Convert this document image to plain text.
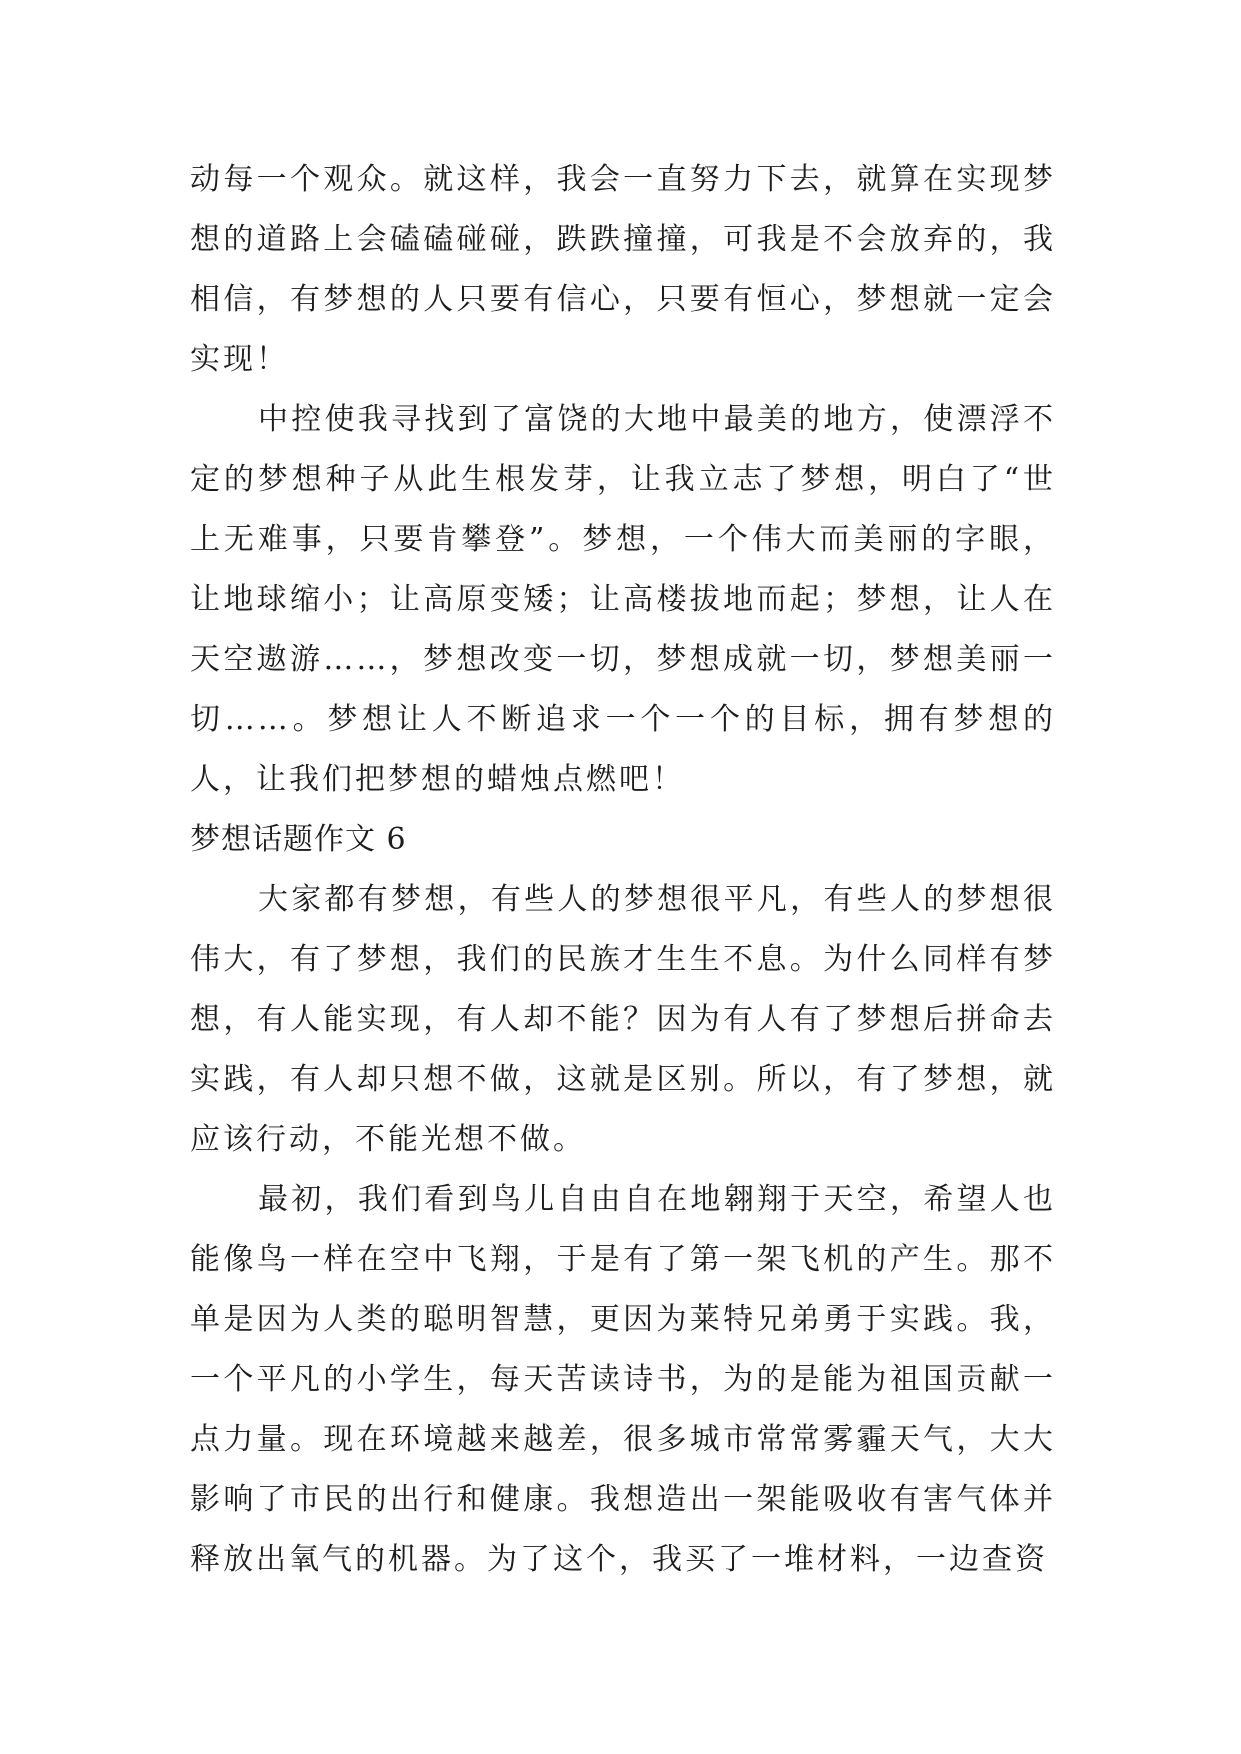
动每一个观众。就这样，我会一直努力下去，就算在实现梦想的道路上会磕磕碰碰，跌跌撞撞，可我是不会放弃的，我相信，有梦想的人只要有信心，只要有恒心，梦想就一定会实现！

中控使我寻找到了富饶的大地中最美的地方，使漂浮不定的梦想种子从此生根发芽，让我立志了梦想，明白了“世上无难事，只要肯攀登”。梦想，一个伟大而美丽的字眼，让地球缩小；让高原变矮；让高楼拔地而起；梦想，让人在天空遨游……，梦想改变一切，梦想成就一切，梦想美丽一切……。梦想让人不断追求一个一个的目标，拥有梦想的人，让我们把梦想的蜡烛点燃吧！

梦想话题作文 6

大家都有梦想，有些人的梦想很平凡，有些人的梦想很伟大，有了梦想，我们的民族才生生不息。为什么同样有梦想，有人能实现，有人却不能？因为有人有了梦想后拼命去实践，有人却只想不做，这就是区别。所以，有了梦想，就应该行动，不能光想不做。

最初，我们看到鸟儿自由自在地翱翔于天空，希望人也能像鸟一样在空中飞翔，于是有了第一架飞机的产生。那不单是因为人类的聪明智慧，更因为莱特兄弟勇于实践。我，一个平凡的小学生，每天苦读诗书，为的是能为祖国贡献一点力量。现在环境越来越差，很多城市常常雾霾天气，大大影响了市民的出行和健康。我想造出一架能吸收有害气体并释放出氧气的机器。为了这个，我买了一堆材料，一边查资
